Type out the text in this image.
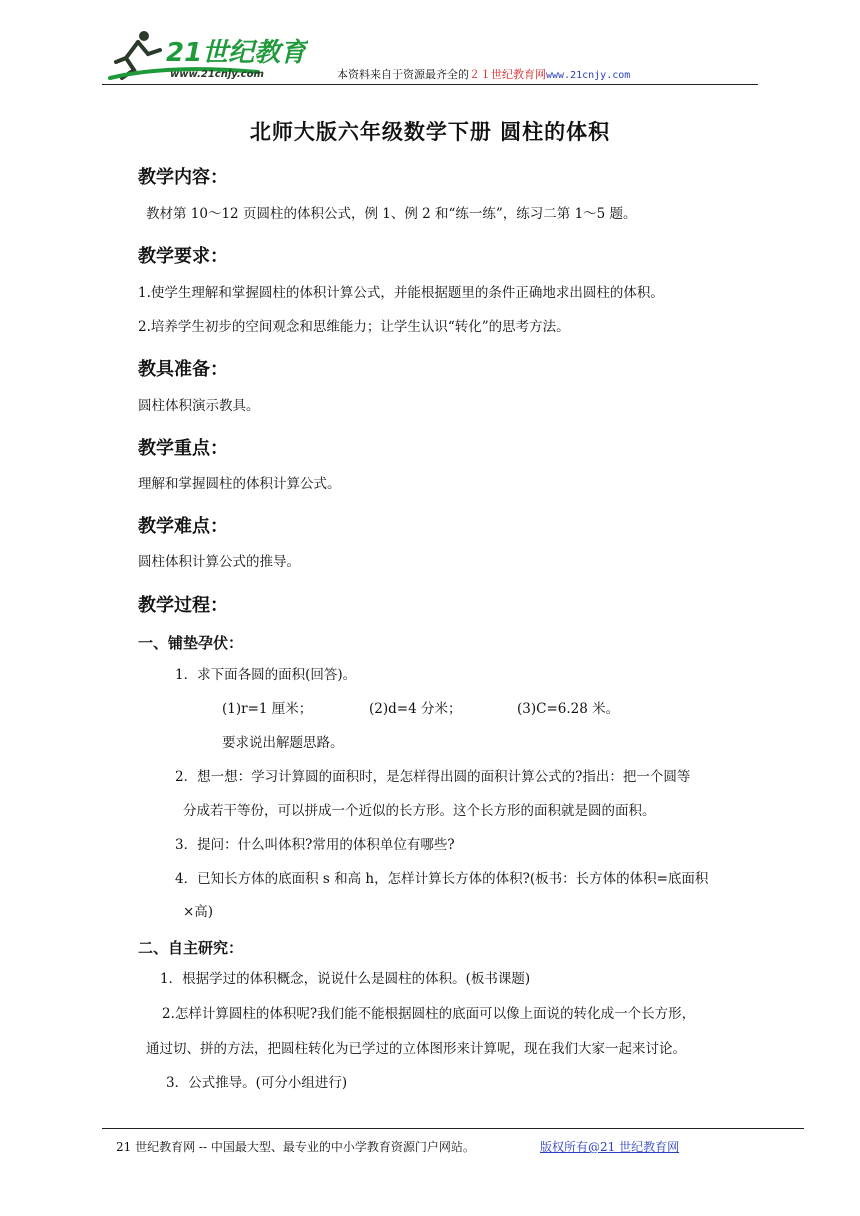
21世纪教育
www.21cnjy.com	本资料来自于资源最齐全的２１世纪教育网www.21cnjy.com
北师大版六年级数学下册 圆柱的体积
教学内容：
教材第 10～12 页圆柱的体积公式，例 1、例 2 和“练一练”，练习二第 1～5 题。
教学要求：
1.使学生理解和掌握圆柱的体积计算公式，并能根据题里的条件正确地求出圆柱的体积。
2.培养学生初步的空间观念和思维能力；让学生认识“转化”的思考方法。
教具准备：
圆柱体积演示教具。
教学重点：
理解和掌握圆柱的体积计算公式。
教学难点：
圆柱体积计算公式的推导。
教学过程：
一、铺垫孕伏：
1．求下面各圆的面积(回答)。
(1)r=1 厘米；	(2)d=4 分米；	(3)C=6.28 米。
要求说出解题思路。
2．想一想：学习计算圆的面积时，是怎样得出圆的面积计算公式的?指出：把一个圆等
分成若干等份，可以拼成一个近似的长方形。这个长方形的面积就是圆的面积。
3．提问：什么叫体积?常用的体积单位有哪些?
4．已知长方体的底面积 s 和高 h，怎样计算长方体的体积?(板书：长方体的体积=底面积
×高)
二、自主研究：
1．根据学过的体积概念，说说什么是圆柱的体积。(板书课题)
2.怎样计算圆柱的体积呢?我们能不能根据圆柱的底面可以像上面说的转化成一个长方形，
通过切、拼的方法，把圆柱转化为已学过的立体图形来计算呢，现在我们大家一起来讨论。
3．公式推导。(可分小组进行)
21 世纪教育网 -- 中国最大型、最专业的中小学教育资源门户网站。	版权所有@21 世纪教育网
